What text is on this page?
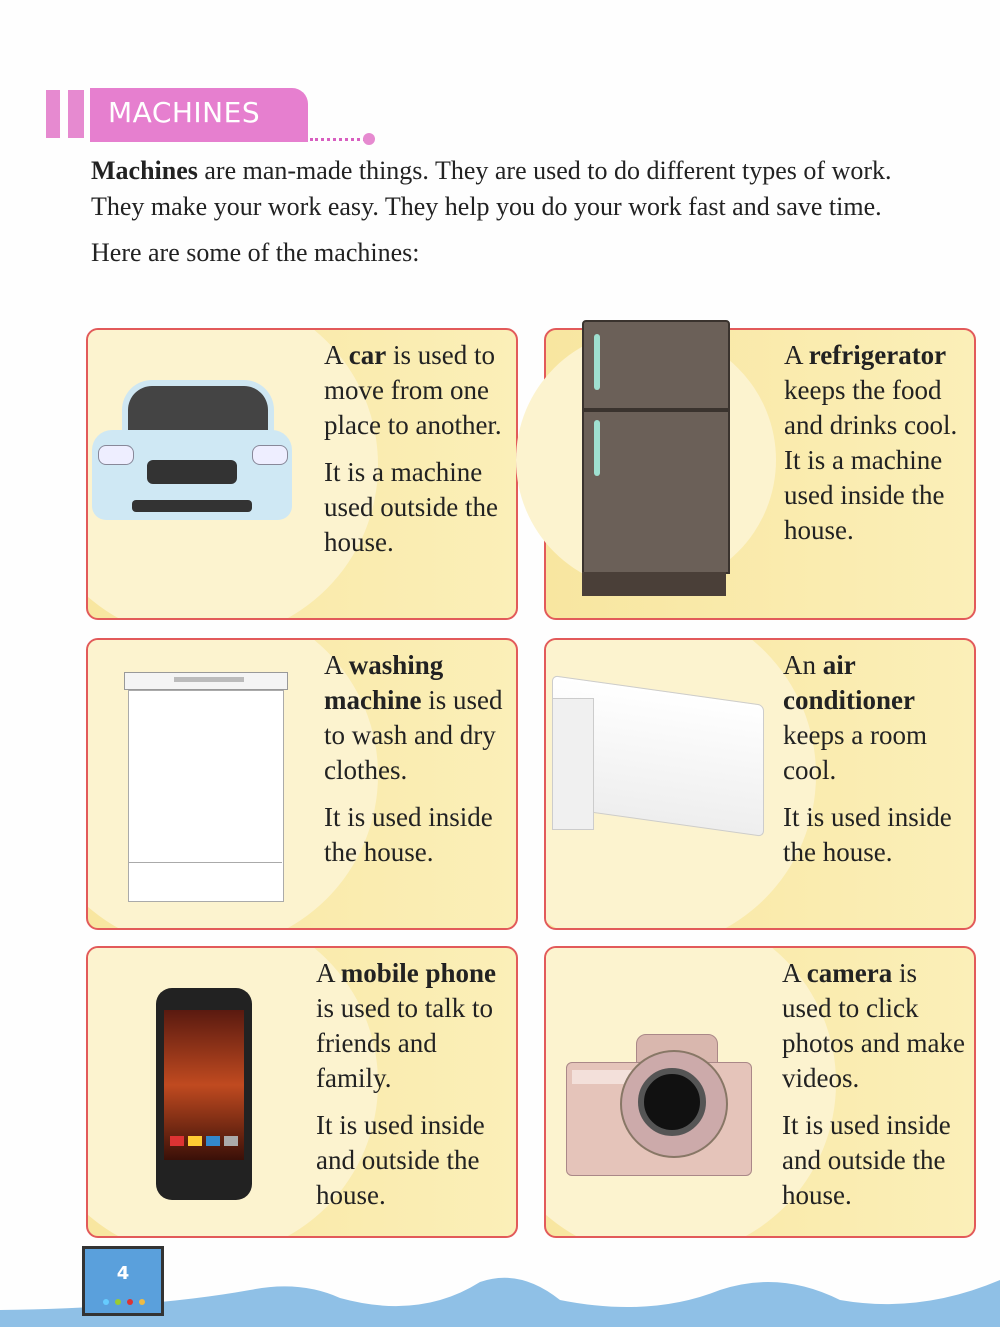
MACHINES
Machines are man-made things. They are used to do different types of work.
They make your work easy. They help you do your work fast and save time.
Here are some of the machines:

A car is used to move from one place to another.

It is a machine used outside the house.

A refrigerator keeps the food and drinks cool.

It is a machine used inside the house.

A washing machine is used to wash and dry clothes.

It is used inside the house.

An air conditioner keeps a room cool.

It is used inside the house.

A mobile phone is used to talk to friends and family.

It is used inside and outside the house.

A camera is used to click photos and make videos.

It is used inside and outside the house.

4
